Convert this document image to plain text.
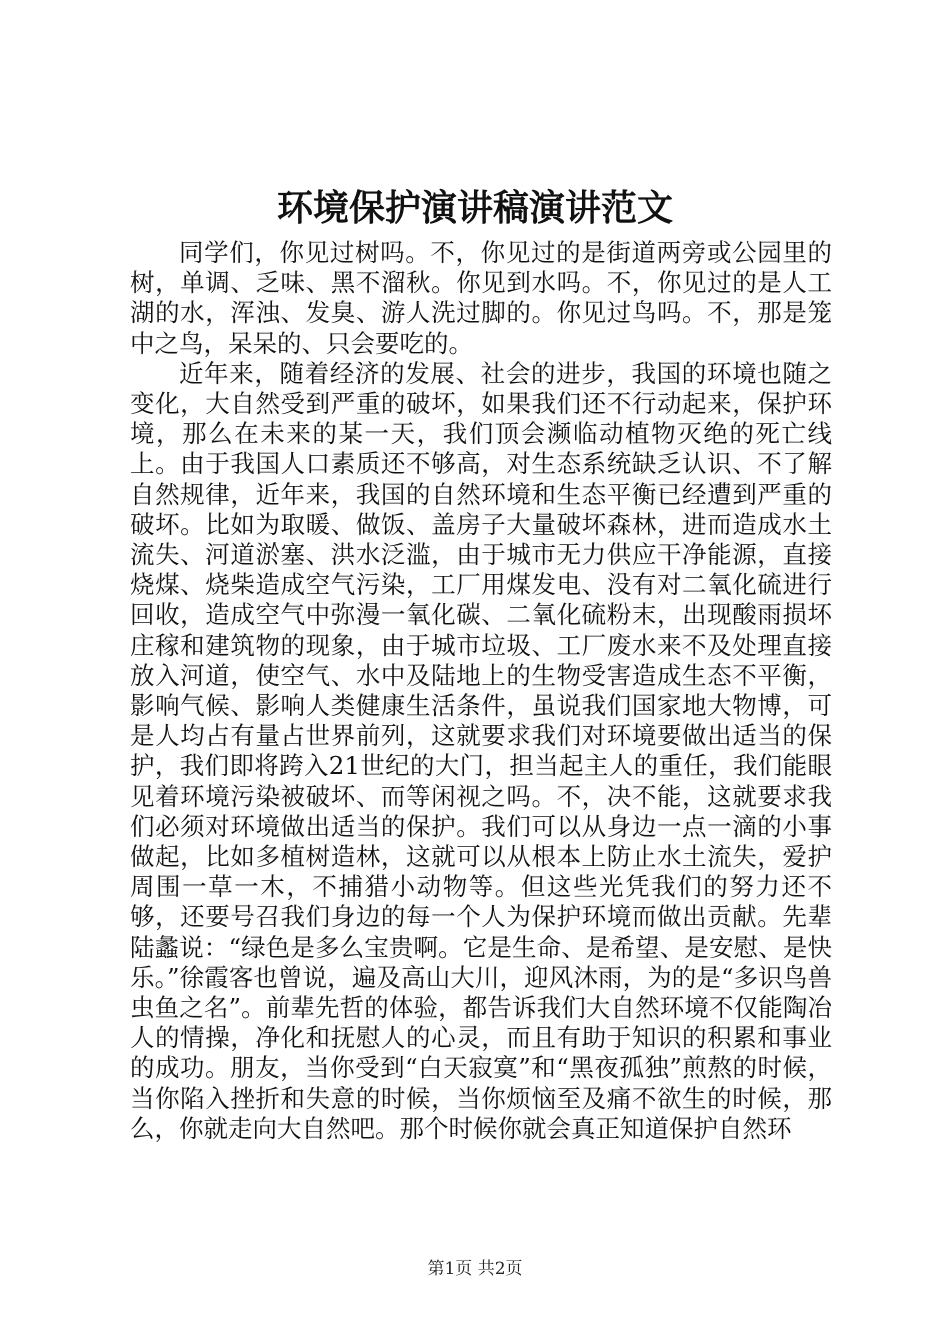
环境保护演讲稿演讲范文

同学们，你见过树吗。不，你见过的是街道两旁或公园里的树，单调、乏味、黑不溜秋。你见到水吗。不，你见过的是人工湖的水，浑浊、发臭、游人洗过脚的。你见过鸟吗。不，那是笼中之鸟，呆呆的、只会要吃的。

近年来，随着经济的发展、社会的进步，我国的环境也随之变化，大自然受到严重的破坏，如果我们还不行动起来，保护环境，那么在未来的某一天，我们顶会濒临动植物灭绝的死亡线上。由于我国人口素质还不够高，对生态系统缺乏认识、不了解自然规律，近年来，我国的自然环境和生态平衡已经遭到严重的破坏。比如为取暖、做饭、盖房子大量破坏森林，进而造成水土流失、河道淤塞、洪水泛滥，由于城市无力供应干净能源，直接烧煤、烧柴造成空气污染，工厂用煤发电、没有对二氧化硫进行回收，造成空气中弥漫一氧化碳、二氧化硫粉末，出现酸雨损坏庄稼和建筑物的现象，由于城市垃圾、工厂废水来不及处理直接放入河道，使空气、水中及陆地上的生物受害造成生态不平衡，影响气候、影响人类健康生活条件，虽说我们国家地大物博，可是人均占有量占世界前列，这就要求我们对环境要做出适当的保护，我们即将跨入21世纪的大门，担当起主人的重任，我们能眼见着环境污染被破坏、而等闲视之吗。不，决不能，这就要求我们必须对环境做出适当的保护。我们可以从身边一点一滴的小事做起，比如多植树造林，这就可以从根本上防止水土流失，爱护周围一草一木，不捕猎小动物等。但这些光凭我们的努力还不够，还要号召我们身边的每一个人为保护环境而做出贡献。先辈陆蠡说：“绿色是多么宝贵啊。它是生命、是希望、是安慰、是快乐。”徐霞客也曾说，遍及高山大川，迎风沐雨，为的是“多识鸟兽虫鱼之名”。前辈先哲的体验，都告诉我们大自然环境不仅能陶冶人的情操，净化和抚慰人的心灵，而且有助于知识的积累和事业的成功。朋友，当你受到“白天寂寞”和“黑夜孤独”煎熬的时候，当你陷入挫折和失意的时候，当你烦恼至及痛不欲生的时候，那么，你就走向大自然吧。那个时候你就会真正知道保护自然环

第1页 共2页
